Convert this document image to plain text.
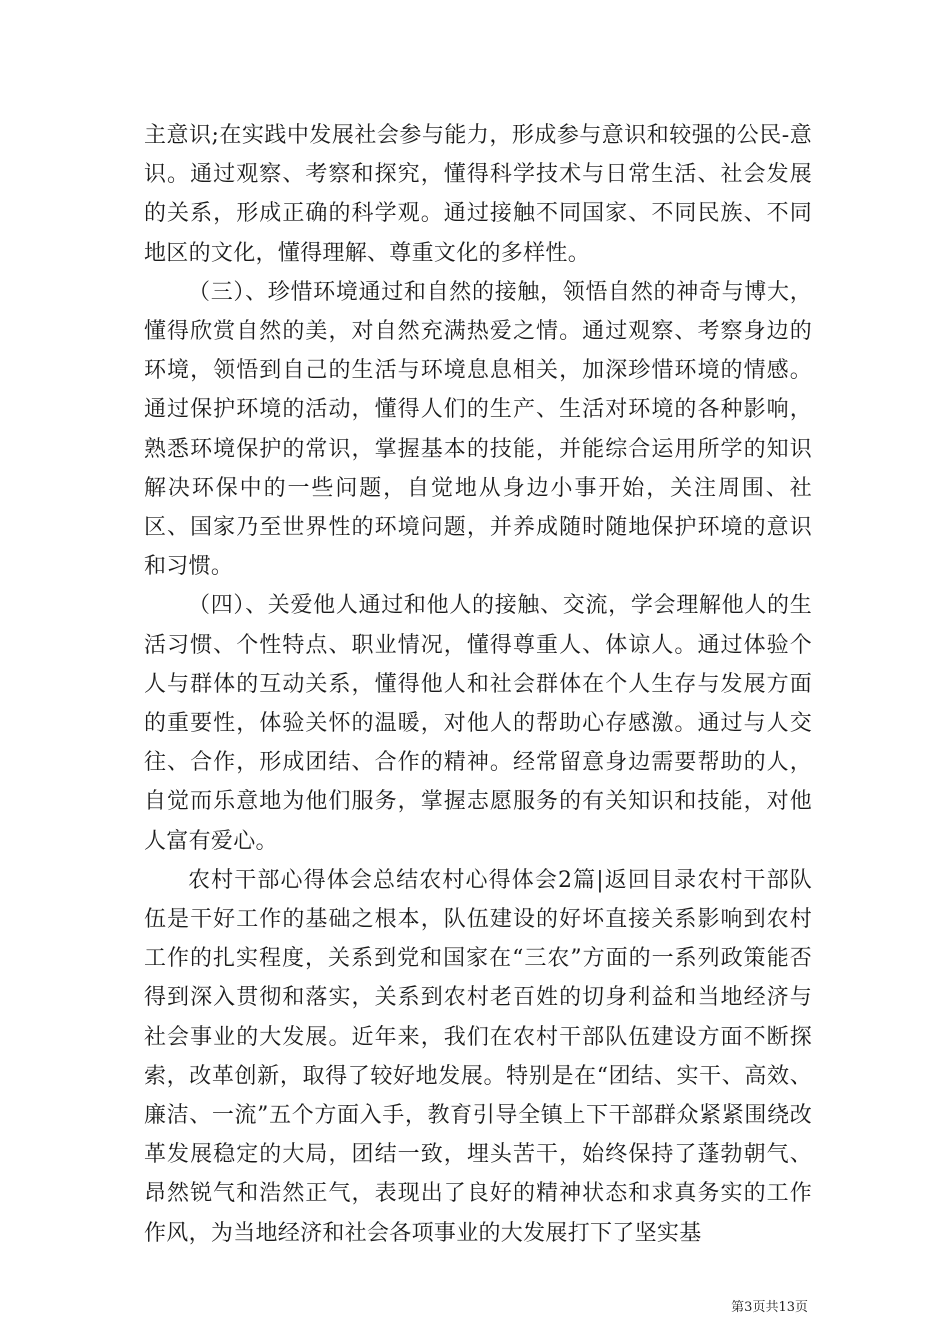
主意识;在实践中发展社会参与能力，形成参与意识和较强的公民-意识。通过观察、考察和探究，懂得科学技术与日常生活、社会发展的关系，形成正确的科学观。通过接触不同国家、不同民族、不同地区的文化，懂得理解、尊重文化的多样性。

（三）、珍惜环境通过和自然的接触，领悟自然的神奇与博大，懂得欣赏自然的美，对自然充满热爱之情。通过观察、考察身边的环境，领悟到自己的生活与环境息息相关，加深珍惜环境的情感。通过保护环境的活动，懂得人们的生产、生活对环境的各种影响，熟悉环境保护的常识，掌握基本的技能，并能综合运用所学的知识解决环保中的一些问题，自觉地从身边小事开始，关注周围、社区、国家乃至世界性的环境问题，并养成随时随地保护环境的意识和习惯。

（四）、关爱他人通过和他人的接触、交流，学会理解他人的生活习惯、个性特点、职业情况，懂得尊重人、体谅人。通过体验个人与群体的互动关系，懂得他人和社会群体在个人生存与发展方面的重要性，体验关怀的温暖，对他人的帮助心存感激。通过与人交往、合作，形成团结、合作的精神。经常留意身边需要帮助的人，自觉而乐意地为他们服务，掌握志愿服务的有关知识和技能，对他人富有爱心。

农村干部心得体会总结农村心得体会2篇|返回目录农村干部队伍是干好工作的基础之根本，队伍建设的好坏直接关系影响到农村工作的扎实程度，关系到党和国家在“三农”方面的一系列政策能否得到深入贯彻和落实，关系到农村老百姓的切身利益和当地经济与社会事业的大发展。近年来，我们在农村干部队伍建设方面不断探索，改革创新，取得了较好地发展。特别是在“团结、实干、高效、廉洁、一流”五个方面入手，教育引导全镇上下干部群众紧紧围绕改革发展稳定的大局，团结一致，埋头苦干，始终保持了蓬勃朝气、昂然锐气和浩然正气，表现出了良好的精神状态和求真务实的工作作风，为当地经济和社会各项事业的大发展打下了坚实基

第3页共13页
